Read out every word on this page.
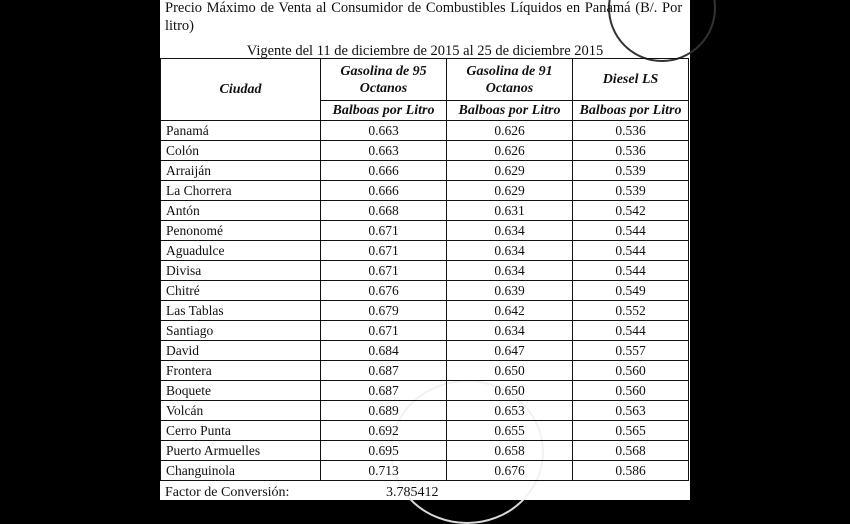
Precio Máximo de Venta al Consumidor de Combustibles Líquidos en Panamá (B/. Por
litro)
Vigente del 11 de diciembre de 2015 al 25 de diciembre 2015
Ciudad	Gasolina de 95 Octanos	Gasolina de 91 Octanos	Diesel LS
	Balboas por Litro	Balboas por Litro	Balboas por Litro
Panamá	0.663	0.626	0.536
Colón	0.663	0.626	0.536
Arraiján	0.666	0.629	0.539
La Chorrera	0.666	0.629	0.539
Antón	0.668	0.631	0.542
Penonomé	0.671	0.634	0.544
Aguadulce	0.671	0.634	0.544
Divisa	0.671	0.634	0.544
Chitré	0.676	0.639	0.549
Las Tablas	0.679	0.642	0.552
Santiago	0.671	0.634	0.544
David	0.684	0.647	0.557
Frontera	0.687	0.650	0.560
Boquete	0.687	0.650	0.560
Volcán	0.689	0.653	0.563
Cerro Punta	0.692	0.655	0.565
Puerto Armuelles	0.695	0.658	0.568
Changuinola	0.713	0.676	0.586
Factor de Conversión:	3.785412
